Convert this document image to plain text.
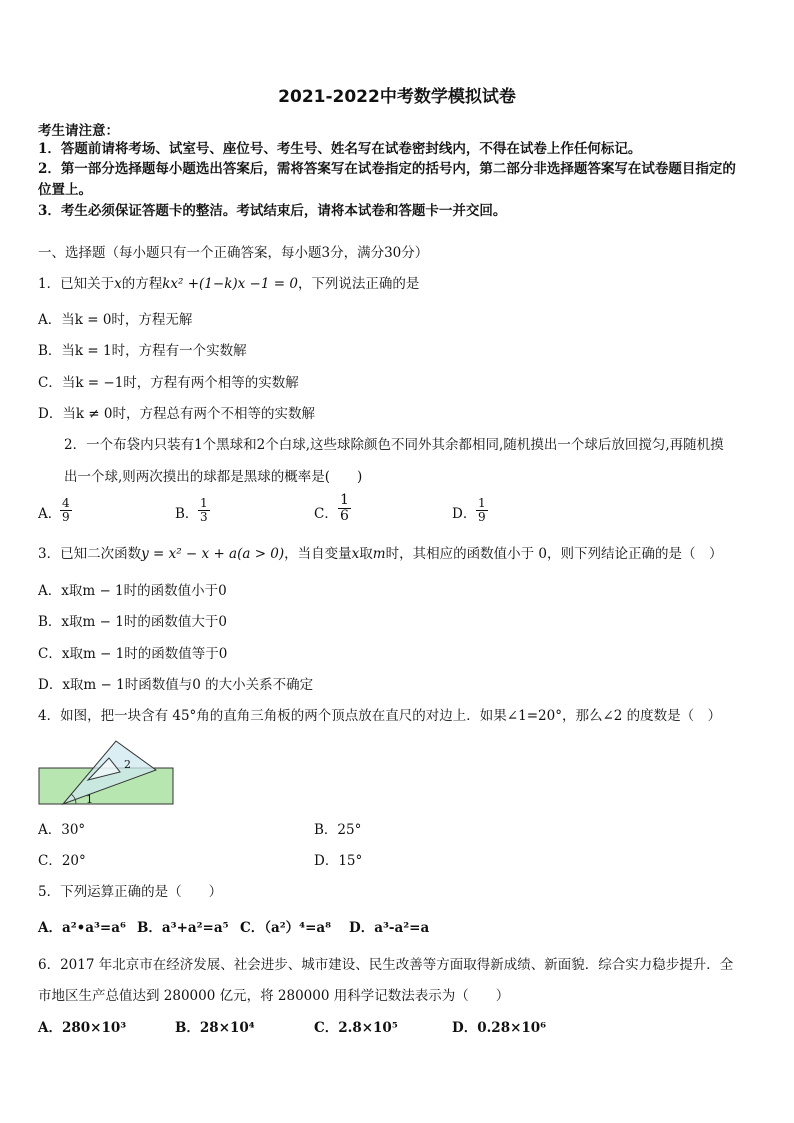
2021-2022中考数学模拟试卷
考生请注意：
1．答题前请将考场、试室号、座位号、考生号、姓名写在试卷密封线内，不得在试卷上作任何标记。
2．第一部分选择题每小题选出答案后，需将答案写在试卷指定的括号内，第二部分非选择题答案写在试卷题目指定的
位置上。
3．考生必须保证答题卡的整洁。考试结束后，请将本试卷和答题卡一并交回。
一、选择题（每小题只有一个正确答案，每小题3分，满分30分）
1．已知关于x的方程kx² +(1−k)x −1 = 0，下列说法正确的是
A．当k = 0时，方程无解
B．当k = 1时，方程有一个实数解
C．当k = −1时，方程有两个相等的实数解
D．当k ≠ 0时，方程总有两个不相等的实数解
2．一个布袋内只装有1个黑球和2个白球,这些球除颜色不同外其余都相同,随机摸出一个球后放回搅匀,再随机摸
出一个球,则两次摸出的球都是黑球的概率是(　　)
A．
$\frac{4}{9}$	B． $\frac{1}{3}$	C． $\frac{1}{6}$	D． $\frac{1}{9}$
3．已知二次函数y = x² − x + a(a > 0)，当自变量x取m时，其相应的函数值小于 0，则下列结论正确的是（　）
A．x取m − 1时的函数值小于0
B．x取m − 1时的函数值大于0
C．x取m − 1时的函数值等于0
D．x取m − 1时函数值与0 的大小关系不确定
4．如图，把一块含有 45°角的直角三角板的两个顶点放在直尺的对边上．如果∠1=20°，那么∠2 的度数是（　）
2
1
A．30°	B．25°
C．20°	D．15°
5．下列运算正确的是（　　）
A．a²•a³=a⁶ B．a³+a²=a⁵ C．（a²）⁴=a⁸ D．a³-a²=a
6．2017 年北京市在经济发展、社会进步、城市建设、民生改善等方面取得新成绩、新面貌．综合实力稳步提升．全
市地区生产总值达到 280000 亿元，将 280000 用科学记数法表示为（　　）
A．280×10³	B．28×10⁴	C．2.8×10⁵	D．0.28×10⁶
